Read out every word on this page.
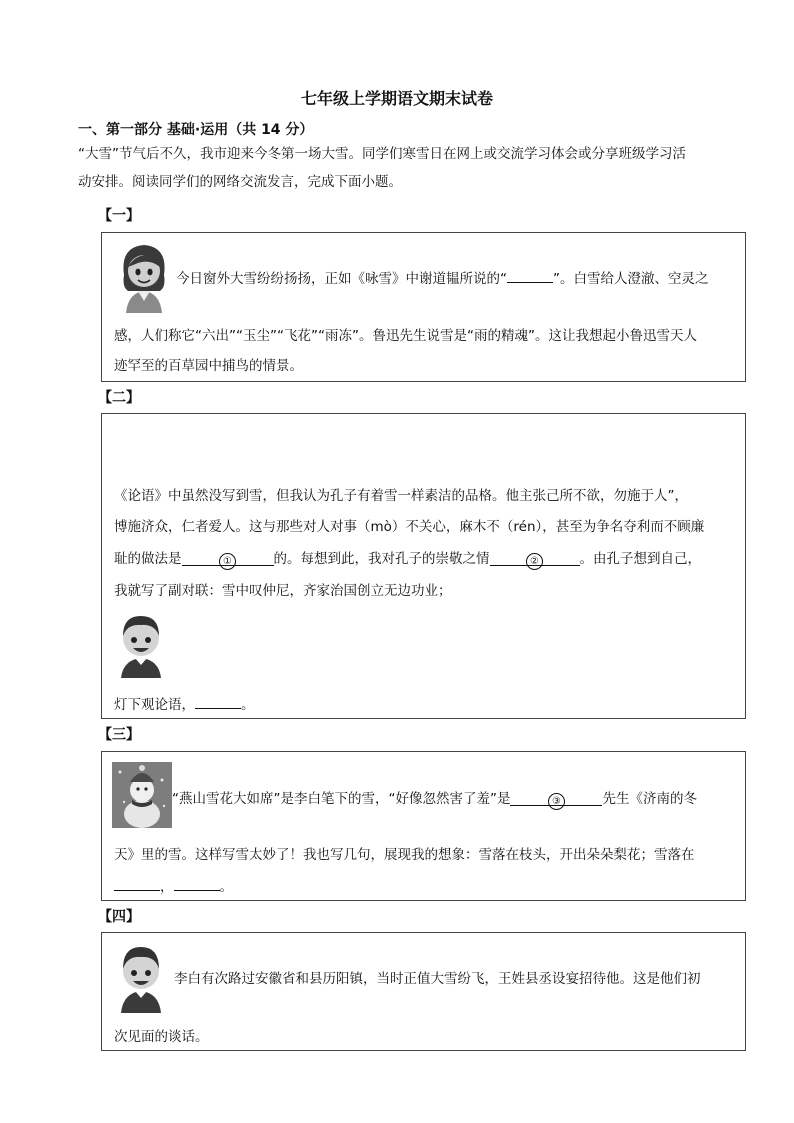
七年级上学期语文期末试卷
一、第一部分 基础·运用（共 14 分）
“大雪”节气后不久，我市迎来今冬第一场大雪。同学们寒雪日在网上或交流学习体会或分享班级学习活
动安排。阅读同学们的网络交流发言，完成下面小题。
【一】
今日窗外大雪纷纷扬扬，正如《咏雪》中谢道韫所说的“	”。白雪给人澄澈、空灵之
感，人们称它“六出”“玉尘”“飞花”“雨冻”。鲁迅先生说雪是“雨的精魂”。这让我想起小鲁迅雪天人
迹罕至的百草园中捕鸟的情景。
【二】
《论语》中虽然没写到雪，但我认为孔子有着雪一样素洁的品格。他主张己所不欲，勿施于人”，
博施济众，仁者爱人。这与那些对人对事（mò）不关心，麻木不（rén），甚至为争名夺利而不顾廉
耻的做法是	①	的。每想到此，我对孔子的崇敬之情	②	。由孔子想到自己，
我就写了副对联：雪中叹仲尼，齐家治国创立无边功业；
灯下观论语，	。
【三】
“燕山雪花大如席”是李白笔下的雪，“好像忽然害了羞”是	③	先生《济南的冬
天》里的雪。这样写雪太妙了！我也写几句，展现我的想象：雪落在枝头，开出朵朵梨花；雪落在
，	。
【四】
李白有次路过安徽省和县历阳镇，当时正值大雪纷飞，王姓县丞设宴招待他。这是他们初
次见面的谈话。
